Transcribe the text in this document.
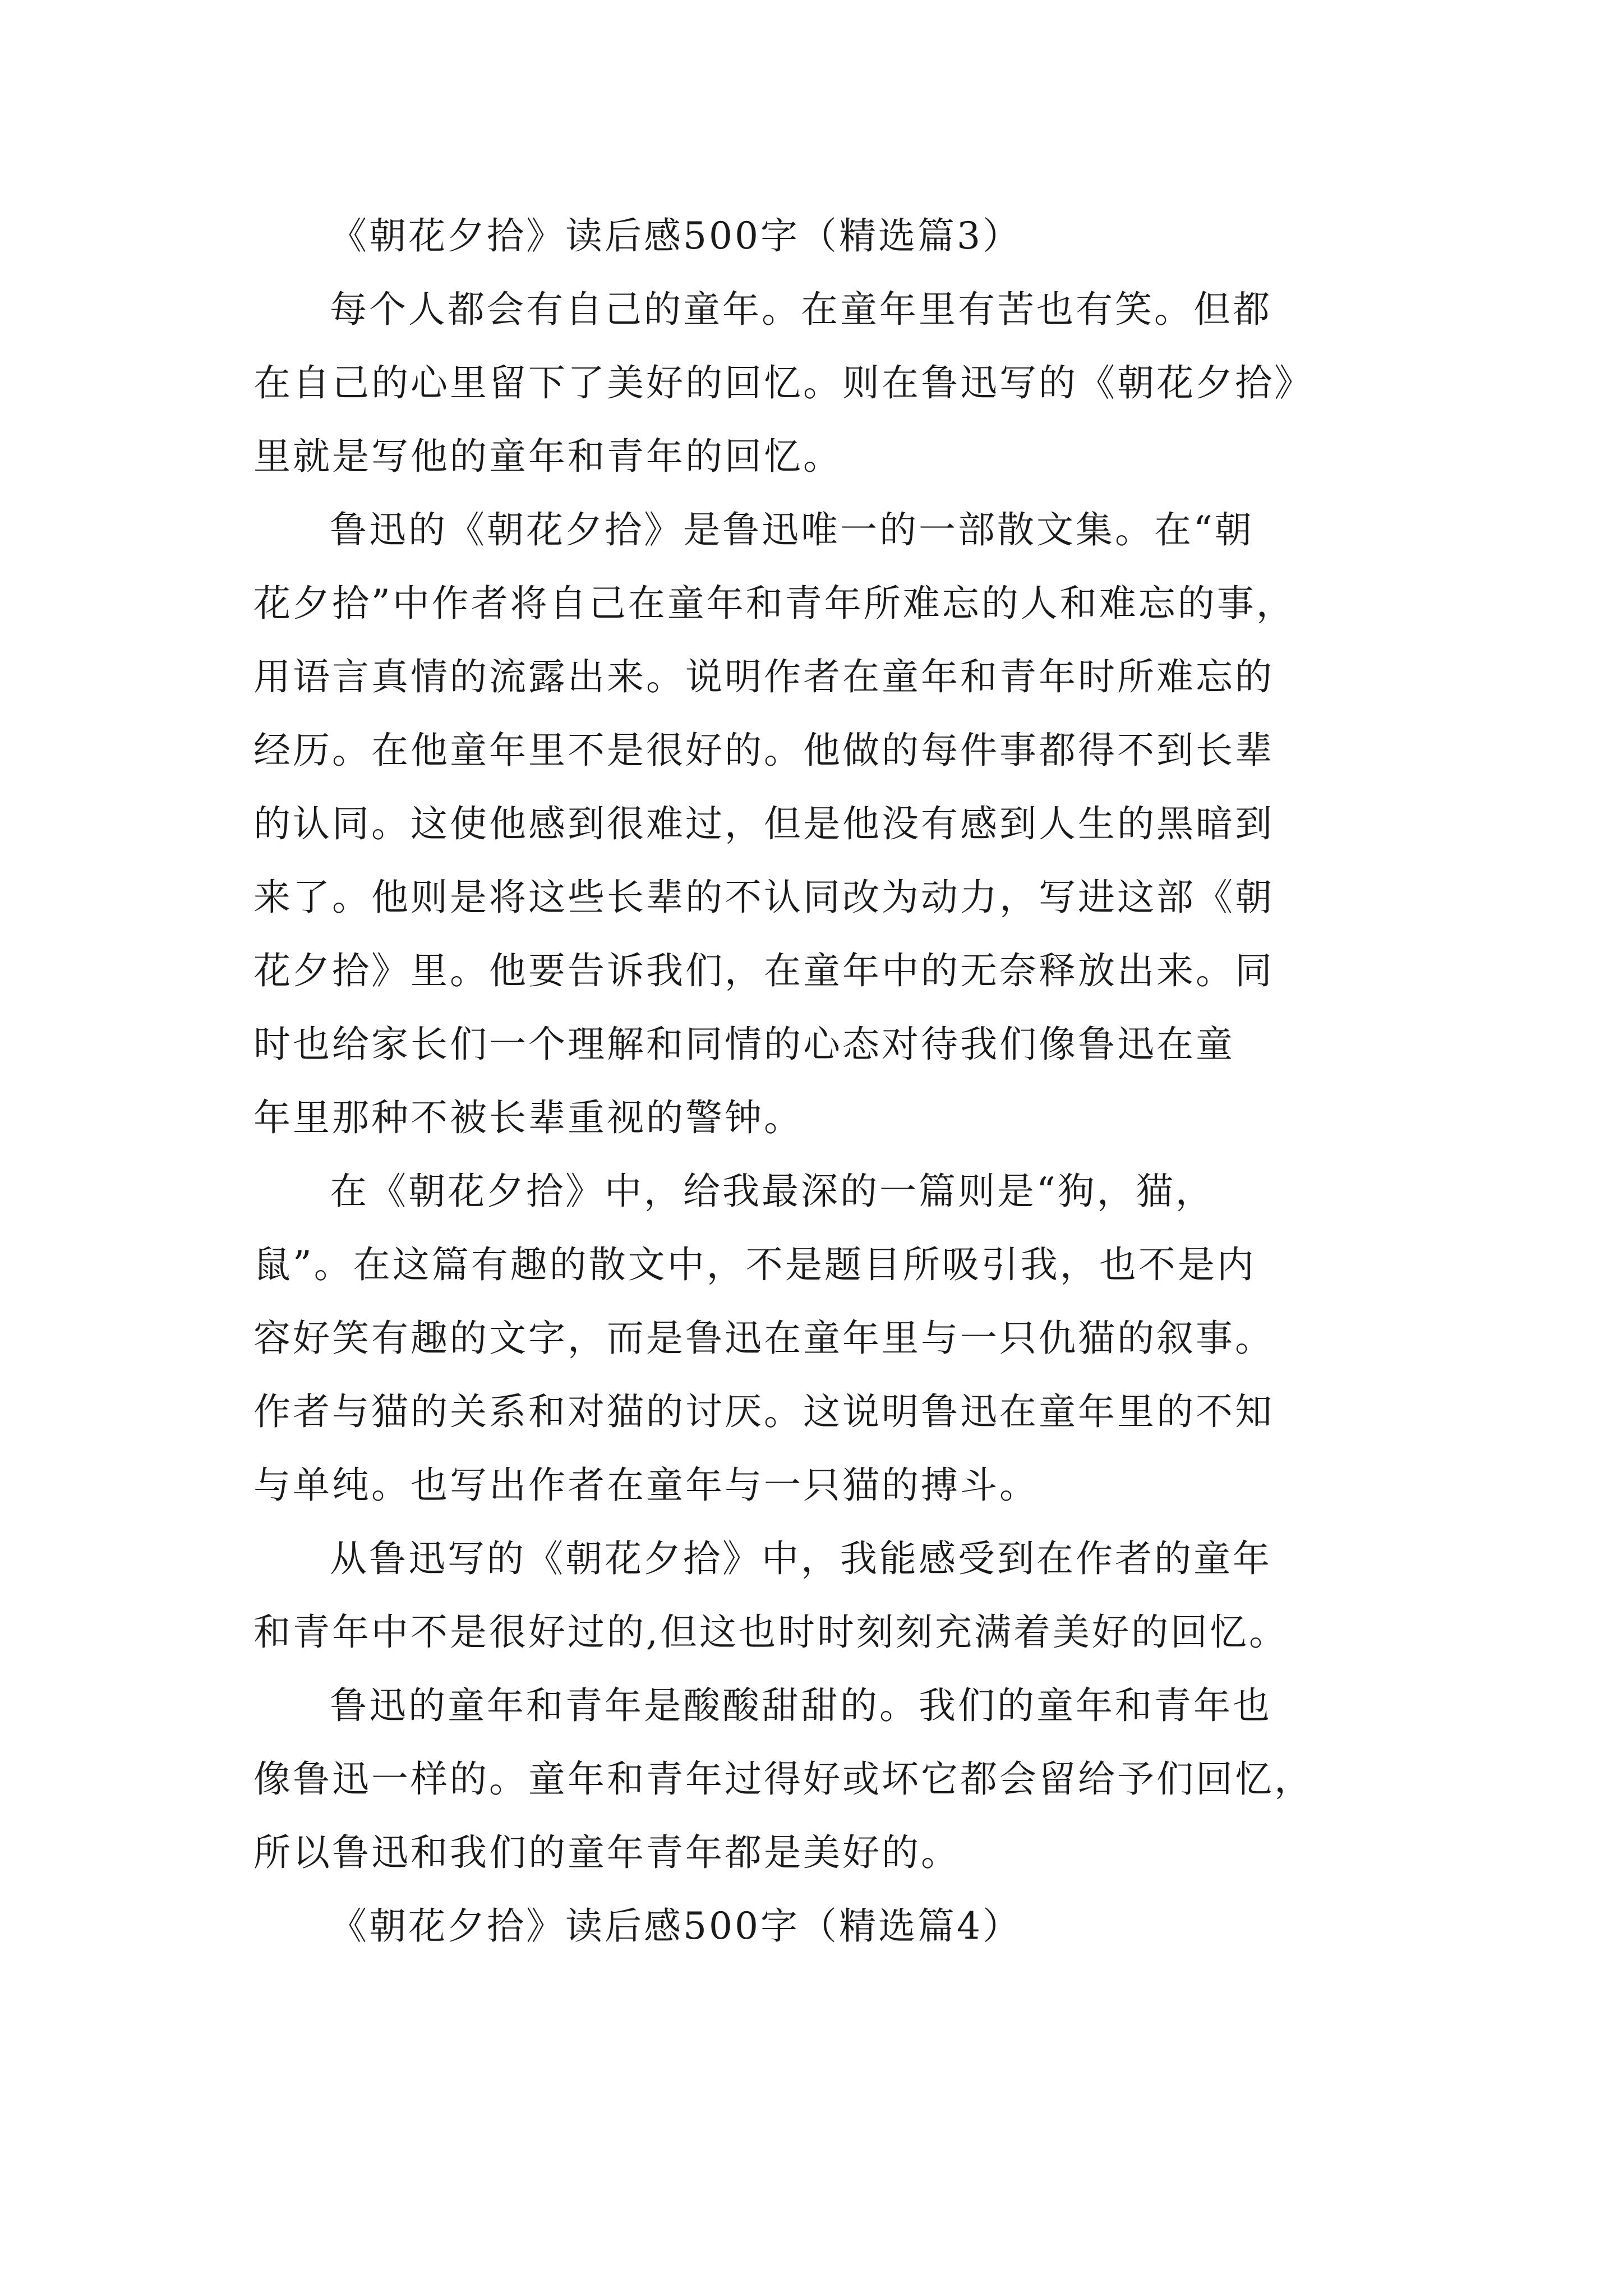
《朝花夕拾》读后感500字（精选篇3）
每个人都会有自己的童年。在童年里有苦也有笑。但都
在自己的心里留下了美好的回忆。则在鲁迅写的《朝花夕拾》
里就是写他的童年和青年的回忆。
鲁迅的《朝花夕拾》是鲁迅唯一的一部散文集。在“朝
花夕拾”中作者将自己在童年和青年所难忘的人和难忘的事，
用语言真情的流露出来。说明作者在童年和青年时所难忘的
经历。在他童年里不是很好的。他做的每件事都得不到长辈
的认同。这使他感到很难过，但是他没有感到人生的黑暗到
来了。他则是将这些长辈的不认同改为动力，写进这部《朝
花夕拾》里。他要告诉我们，在童年中的无奈释放出来。同
时也给家长们一个理解和同情的心态对待我们像鲁迅在童
年里那种不被长辈重视的警钟。
在《朝花夕拾》中，给我最深的一篇则是“狗，猫，
鼠”。在这篇有趣的散文中，不是题目所吸引我，也不是内
容好笑有趣的文字，而是鲁迅在童年里与一只仇猫的叙事。
作者与猫的关系和对猫的讨厌。这说明鲁迅在童年里的不知
与单纯。也写出作者在童年与一只猫的搏斗。
从鲁迅写的《朝花夕拾》中，我能感受到在作者的童年
和青年中不是很好过的,但这也时时刻刻充满着美好的回忆。
鲁迅的童年和青年是酸酸甜甜的。我们的童年和青年也
像鲁迅一样的。童年和青年过得好或坏它都会留给予们回忆，
所以鲁迅和我们的童年青年都是美好的。
《朝花夕拾》读后感500字（精选篇4）
